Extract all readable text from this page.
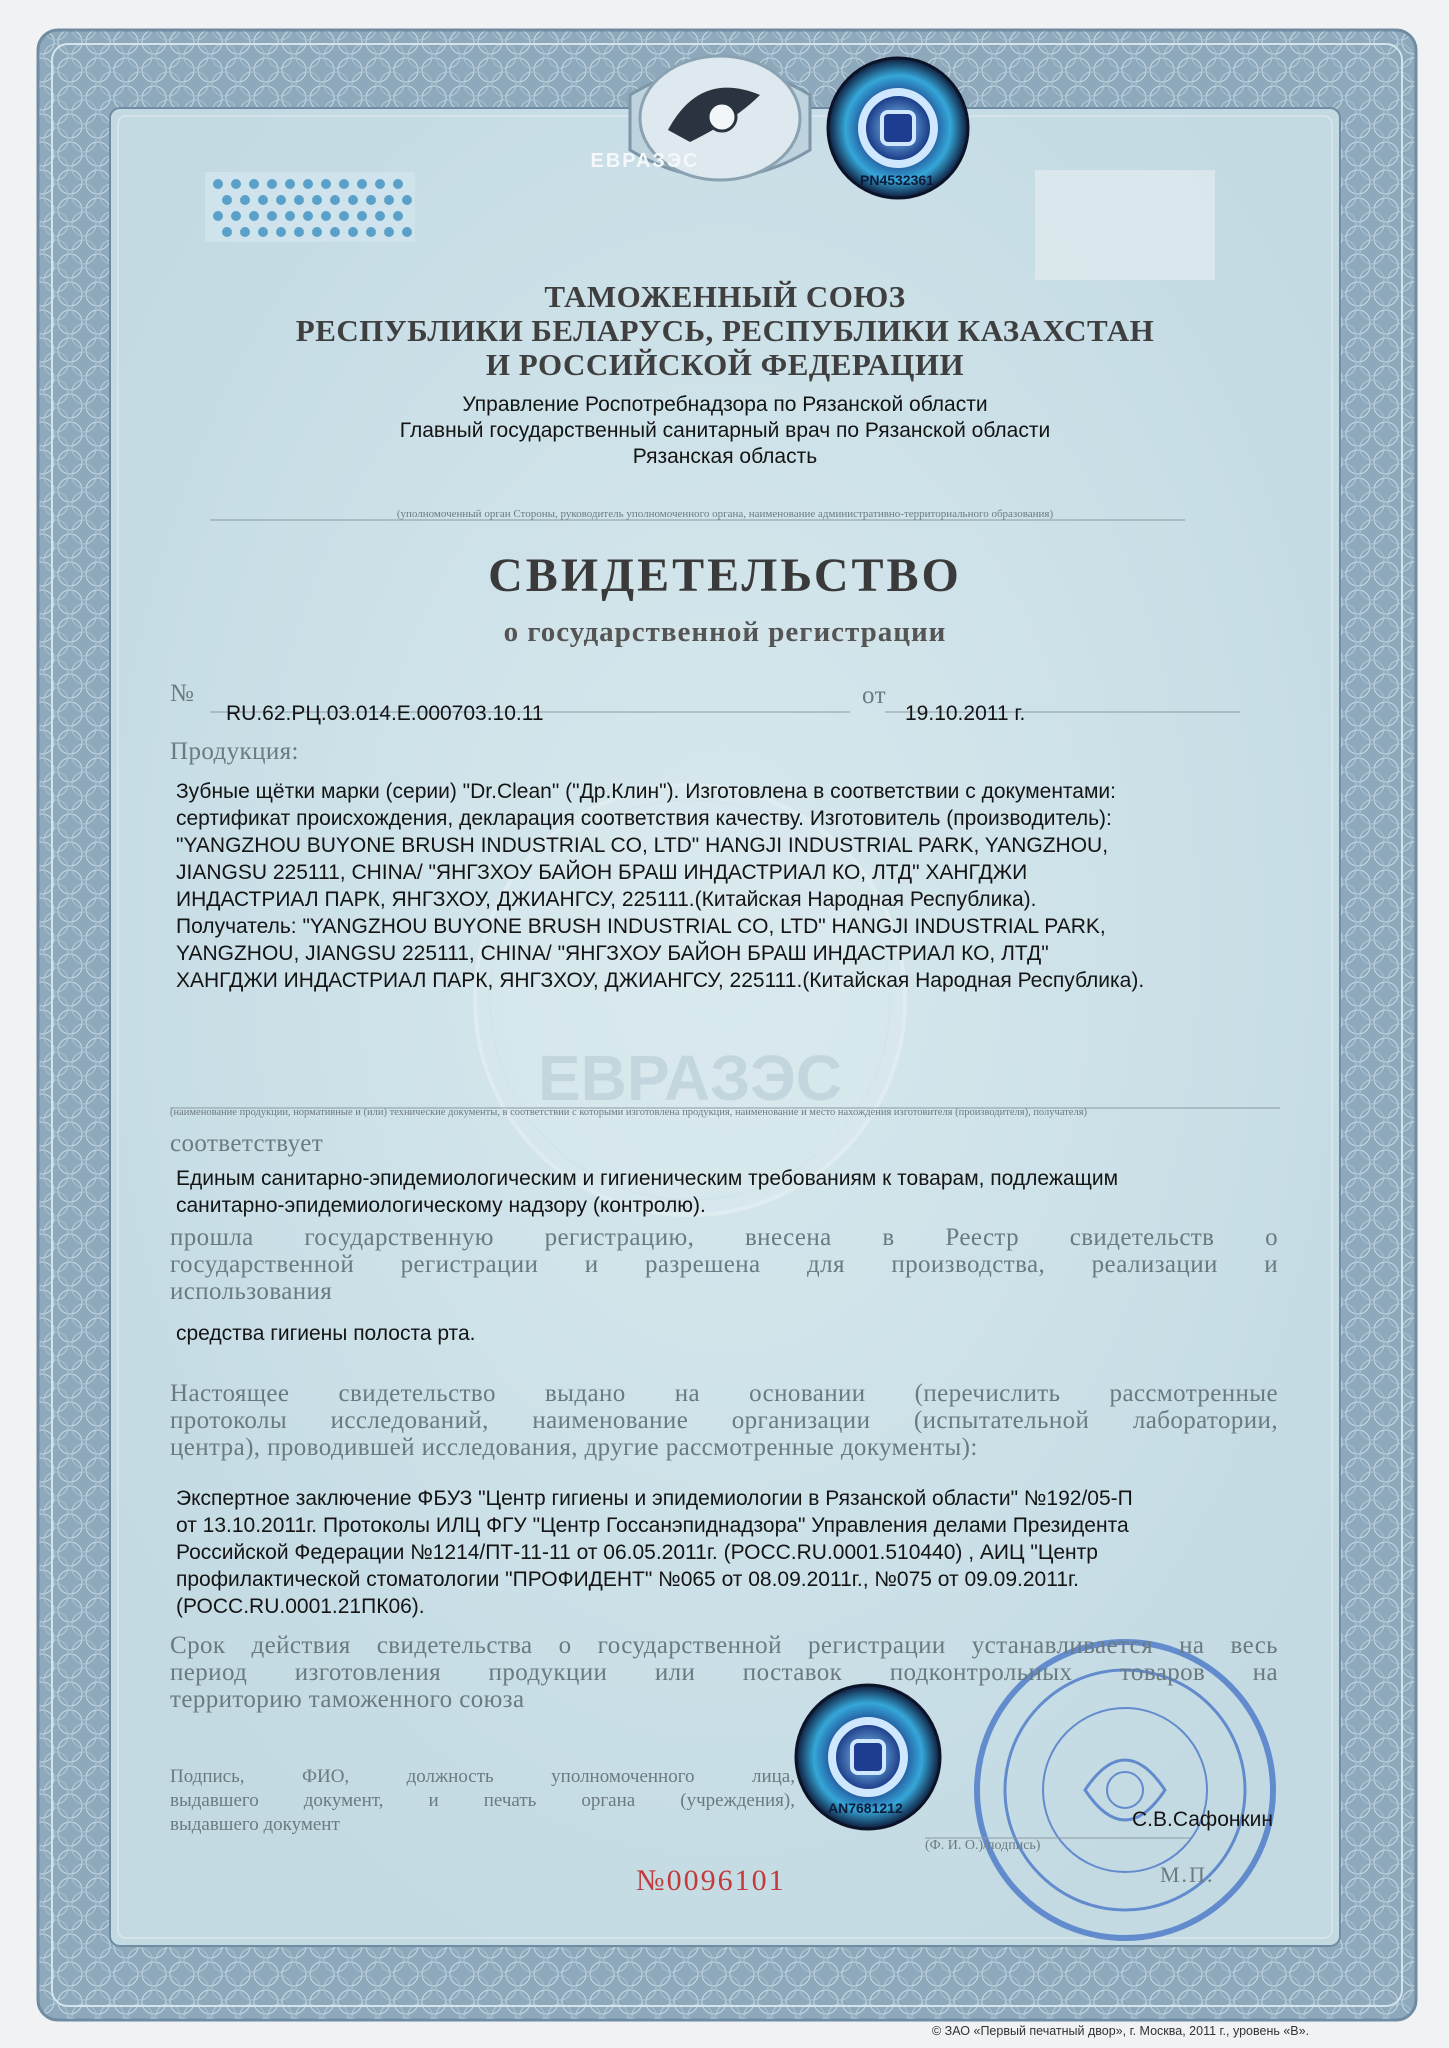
ЕВРАЗЭС
ЕВРАЗЭС
PN4532361
AN7681212
ТАМОЖЕННЫЙ СОЮЗ
РЕСПУБЛИКИ БЕЛАРУСЬ, РЕСПУБЛИКИ КАЗАХСТАН
И РОССИЙСКОЙ ФЕДЕРАЦИИ
Управление Роспотребнадзора по Рязанской области
Главный государственный санитарный врач по Рязанской области
Рязанская область
(уполномоченный орган Стороны, руководитель уполномоченного органа, наименование административно-территориального образования)
СВИДЕТЕЛЬСТВО
о государственной регистрации
№
RU.62.РЦ.03.014.Е.000703.10.11
от
19.10.2011 г.
Продукция:
Зубные щётки марки (серии) "Dr.Clean" ("Др.Клин"). Изготовлена в соответствии с документами:
сертификат происхождения, декларация соответствия качеству. Изготовитель (производитель):
"YANGZHOU BUYONE BRUSH INDUSTRIAL CO, LTD" HANGJI INDUSTRIAL PARK, YANGZHOU,
JIANGSU 225111, CHINA/ "ЯНГЗХОУ БАЙОН БРАШ ИНДАСТРИАЛ КО, ЛТД" ХАНГДЖИ
ИНДАСТРИАЛ ПАРК, ЯНГЗХОУ, ДЖИАНГСУ, 225111.(Китайская Народная Республика).
Получатель: "YANGZHOU BUYONE BRUSH INDUSTRIAL CO, LTD" HANGJI INDUSTRIAL PARK,
YANGZHOU, JIANGSU 225111, CHINA/ "ЯНГЗХОУ БАЙОН БРАШ ИНДАСТРИАЛ КО, ЛТД"
ХАНГДЖИ ИНДАСТРИАЛ ПАРК, ЯНГЗХОУ, ДЖИАНГСУ, 225111.(Китайская Народная Республика).
(наименование продукции, нормативные и (или) технические документы, в соответствии с которыми изготовлена продукция, наименование и место нахождения изготовителя (производителя), получателя)
соответствует
Единым санитарно-эпидемиологическим и гигиеническим требованиям к товарам, подлежащим
санитарно-эпидемиологическому надзору (контролю).
прошла государственную регистрацию, внесена в Реестр свидетельств о
государственной регистрации и разрешена для производства, реализации и
использования
средства гигиены полоста рта.
Настоящее свидетельство выдано на основании (перечислить рассмотренные
протоколы исследований, наименование организации (испытательной лаборатории,
центра), проводившей исследования, другие рассмотренные документы):
Экспертное заключение ФБУЗ "Центр гигиены и эпидемиологии в Рязанской области" №192/05-П
от 13.10.2011г. Протоколы ИЛЦ ФГУ "Центр Госсанэпиднадзора" Управления делами Президента
Российской Федерации №1214/ПТ-11-11 от 06.05.2011г. (РОСС.RU.0001.510440) , АИЦ "Центр
профилактической стоматологии "ПРОФИДЕНТ" №065 от 08.09.2011г., №075 от 09.09.2011г.
(РОСС.RU.0001.21ПК06).
Срок действия свидетельства о государственной регистрации устанавливается на весь
период изготовления продукции или поставок подконтрольных товаров на
территорию таможенного союза
Подпись, ФИО, должность уполномоченного лица,
выдавшего документ, и печать органа (учреждения),
выдавшего документ	С.В.Сафонкин
(Ф. И. О.)/подпись)
М.П.
№0096101
© ЗАО «Первый печатный двор», г. Москва, 2011 г., уровень «В».
